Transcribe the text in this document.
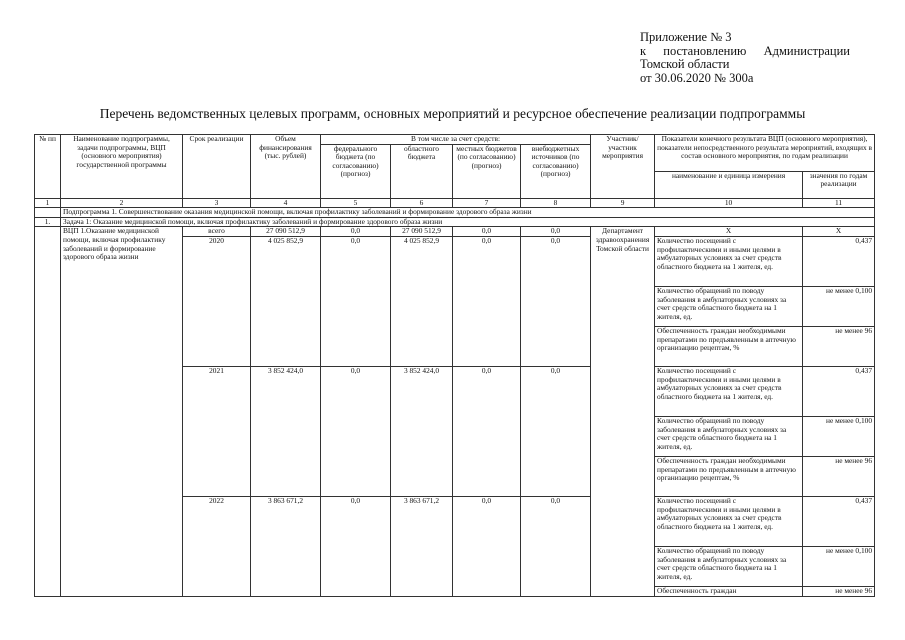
Приложение № 3
к постановлению Администрации
Томской области
от 30.06.2020 № 300а
Перечень ведомственных целевых программ, основных мероприятий и ресурсное обеспечение реализации подпрограммы
№ пп	Наименование подпрограммы, задачи подпрограммы, ВЦП (основного мероприятия) государственной программы	Срок реализации	Объем финансирования (тыс. рублей)	В том числе за счет средств:				Участник/ участник мероприятия	Показатели конечного результата ВЦП (основного мероприятия), показатели непосредственного результата мероприятий, входящих в состав основного мероприятия, по годам реализации	
				федерального бюджета (по согласованию) (прогноз)	областного бюджета	местных бюджетов (по согласованию) (прогноз)	внебюджетных источников (по согласованию) (прогноз)			

									наименование и единица измерения	значения по годам реализации
1	2	3	4	5	6	7	8	9	10	11
	Подпрограмма 1. Совершенствование оказания медицинской помощи, включая профилактику заболеваний и формирование здорового образа жизни									
1.	Задача 1: Оказание медицинской помощи, включая профилактику заболеваний и формирование здорового образа жизни									
	ВЦП 1.Оказание медицинской помощи, включая профилактику заболеваний и формирование здорового образа жизни	всего	27 090 512,9	0,0	27 090 512,9	0,0	0,0	Департамент здравоохранения Томской области	Х	Х
		2020	4 025 852,9	0,0	4 025 852,9	0,0	0,0		Количество посещений с профилактическими и иными целями в амбулаторных условиях за счет средств областного бюджета на 1 жителя, ед.	0,437
									Количество обращений по поводу заболевания в амбулаторных условиях за счет средств областного бюджета на 1 жителя, ед.	не менее 0,100
									Обеспеченность граждан необходимыми препаратами по предъявленным в аптечную организацию рецептам, %	не менее 96
		2021	3 852 424,0	0,0	3 852 424,0	0,0	0,0		Количество посещений с профилактическими и иными целями в амбулаторных условиях за счет средств областного бюджета на 1 жителя, ед.	0,437
									Количество обращений по поводу заболевания в амбулаторных условиях за счет средств областного бюджета на 1 жителя, ед.	не менее 0,100
									Обеспеченность граждан необходимыми препаратами по предъявленным в аптечную организацию рецептам, %	не менее 96
		2022	3 863 671,2	0,0	3 863 671,2	0,0	0,0		Количество посещений с профилактическими и иными целями в амбулаторных условиях за счет средств областного бюджета на 1 жителя, ед.	0,437
									Количество обращений по поводу заболевания в амбулаторных условиях за счет средств областного бюджета на 1 жителя, ед.	не менее 0,100
									Обеспеченность граждан	не менее 96
